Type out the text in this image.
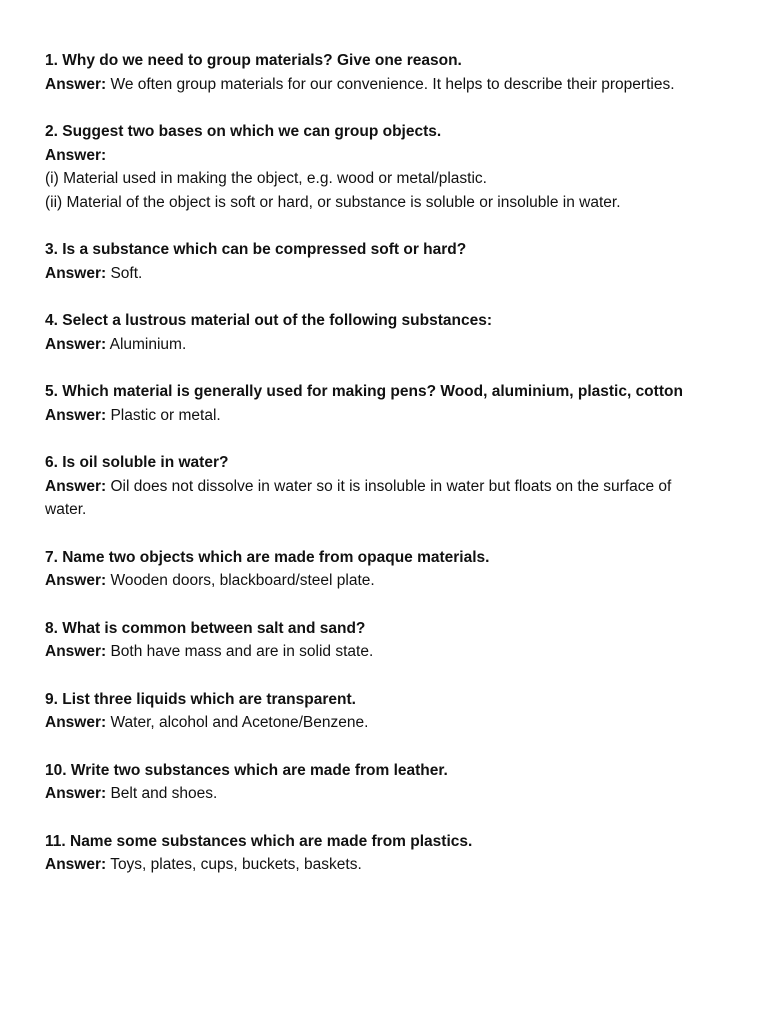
1. Why do we need to group materials? Give one reason.

Answer: We often group materials for our convenience. It helps to describe their properties.

2. Suggest two bases on which we can group objects.

Answer:

(i) Material used in making the object, e.g. wood or metal/plastic.

(ii) Material of the object is soft or hard, or substance is soluble or insoluble in water.

3. Is a substance which can be compressed soft or hard?

Answer: Soft.

4. Select a lustrous material out of the following substances:

Answer: Aluminium.

5. Which material is generally used for making pens? Wood, aluminium, plastic, cotton

Answer: Plastic or metal.

6. Is oil soluble in water?

Answer: Oil does not dissolve in water so it is insoluble in water but floats on the surface of water.

7. Name two objects which are made from opaque materials.

Answer: Wooden doors, blackboard/steel plate.

8. What is common between salt and sand?

Answer: Both have mass and are in solid state.

9. List three liquids which are transparent.

Answer: Water, alcohol and Acetone/Benzene.

10. Write two substances which are made from leather.

Answer: Belt and shoes.

11. Name some substances which are made from plastics.

Answer: Toys, plates, cups, buckets, baskets.
